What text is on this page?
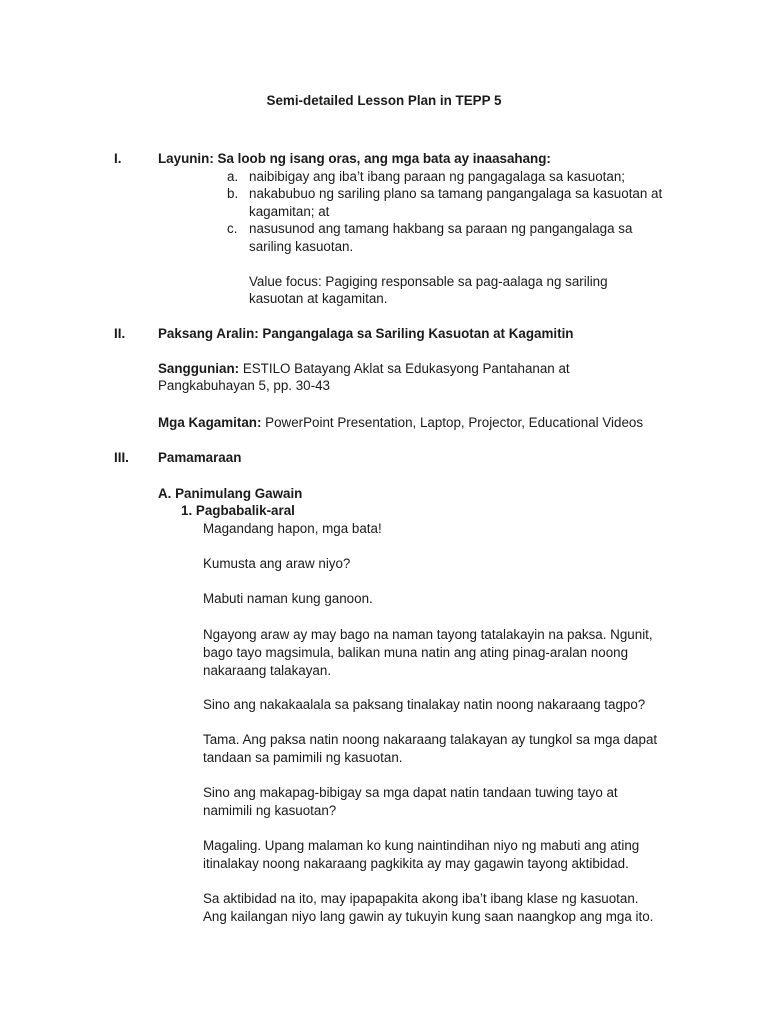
Semi-detailed Lesson Plan in TEPP 5
I.	Layunin: Sa loob ng isang oras, ang mga bata ay inaasahang:
a. naibibigay ang iba’t ibang paraan ng pangagalaga sa kasuotan;
b. nakabubuo ng sariling plano sa tamang pangangalaga sa kasuotan at
kagamitan; at
c. nasusunod ang tamang hakbang sa paraan ng pangangalaga sa
sariling kasuotan.
Value focus: Pagiging responsable sa pag-aalaga ng sariling
kasuotan at kagamitan.
II. Paksang Aralin: Pangangalaga sa Sariling Kasuotan at Kagamitin
Sanggunian: ESTILO Batayang Aklat sa Edukasyong Pantahanan at
Pangkabuhayan 5, pp. 30-43
Mga Kagamitan: PowerPoint Presentation, Laptop, Projector, Educational Videos
III. Pamamaraan
A. Panimulang Gawain
1. Pagbabalik-aral
Magandang hapon, mga bata!
Kumusta ang araw niyo?
Mabuti naman kung ganoon.
Ngayong araw ay may bago na naman tayong tatalakayin na paksa. Ngunit,
bago tayo magsimula, balikan muna natin ang ating pinag-aralan noong
nakaraang talakayan.
Sino ang nakakaalala sa paksang tinalakay natin noong nakaraang tagpo?
Tama. Ang paksa natin noong nakaraang talakayan ay tungkol sa mga dapat
tandaan sa pamimili ng kasuotan.
Sino ang makapag-bibigay sa mga dapat natin tandaan tuwing tayo at
namimili ng kasuotan?
Magaling. Upang malaman ko kung naintindihan niyo ng mabuti ang ating
itinalakay noong nakaraang pagkikita ay may gagawin tayong aktibidad.
Sa aktibidad na ito, may ipapapakita akong iba’t ibang klase ng kasuotan.
Ang kailangan niyo lang gawin ay tukuyin kung saan naangkop ang mga ito.
